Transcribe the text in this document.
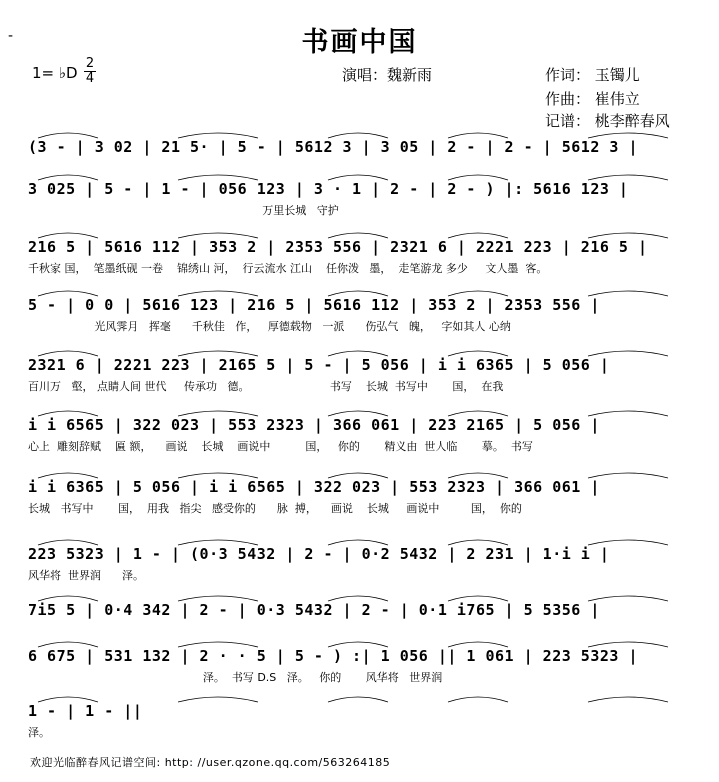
-	书画中国
1= ♭D
2
4	演唱：魏新雨	作词： 玉镯儿
作曲： 崔伟立
记谱： 桃李醉春风
(3 - | 3 02 | 21 5· | 5 - | 5612 3 | 3 05 | 2 - | 2 - | 5612 3 |
3 025 | 5 - | 1 - | 056 123 | 3 · 1 | 2 - | 2 - ) |: 5616 123 |
万里长城   守护
216 5 | 5616 112 | 353 2 | 2353 556 | 2321 6 | 2221 223 | 216 5 |
千秋家 国，  笔墨纸砚 一卷    锦绣山 河，  行云流水 江山    任你泼   墨，  走笔游龙 多少     文人墨  客。
5 - | 0 0 | 5616 123 | 216 5 | 5616 112 | 353 2 | 2353 556 |
光风霁月   挥毫      千秋佳   作，   厚德载物   一派      伤弘气   魄，   字如其人 心纳
2321 6 | 2221 223 | 2165 5 | 5 - | 5 056 | i i 6365 | 5 056 |
百川万   壑， 点睛人间 世代     传承功   德。                       书写    长城  书写中       国，  在我
i i 6565 | 322 023 | 553 2323 | 366 061 | 223 2165 | 5 056 |
心上  雕刻辞赋    匾 额，    画说    长城    画说中          国，   你的       精义由  世人临       摹。  书写
i i 6365 | 5 056 | i i 6565 | 322 023 | 553 2323 | 366 061 |
长城   书写中       国，  用我   指尖   感受你的      脉  搏，    画说    长城     画说中         国，  你的
223 5323 | 1 - | (0·3 5432 | 2 - | 0·2 5432 | 2 231 | 1·i i |
风华将  世界润      泽。
7i5 5 | 0·4 342 | 2 - | 0·3 5432 | 2 - | 0·1 i765 | 5 5356 |
6 675 | 531 132 | 2 · · 5 | 5 - ) :| 1 056 || 1 061 | 223 5323 |
泽。  书写 D.S   泽。   你的       风华将   世界润
1 - | 1 - ||
泽。
欢迎光临醉春风记谱空间: http: //user.qzone.qq.com/563264185
